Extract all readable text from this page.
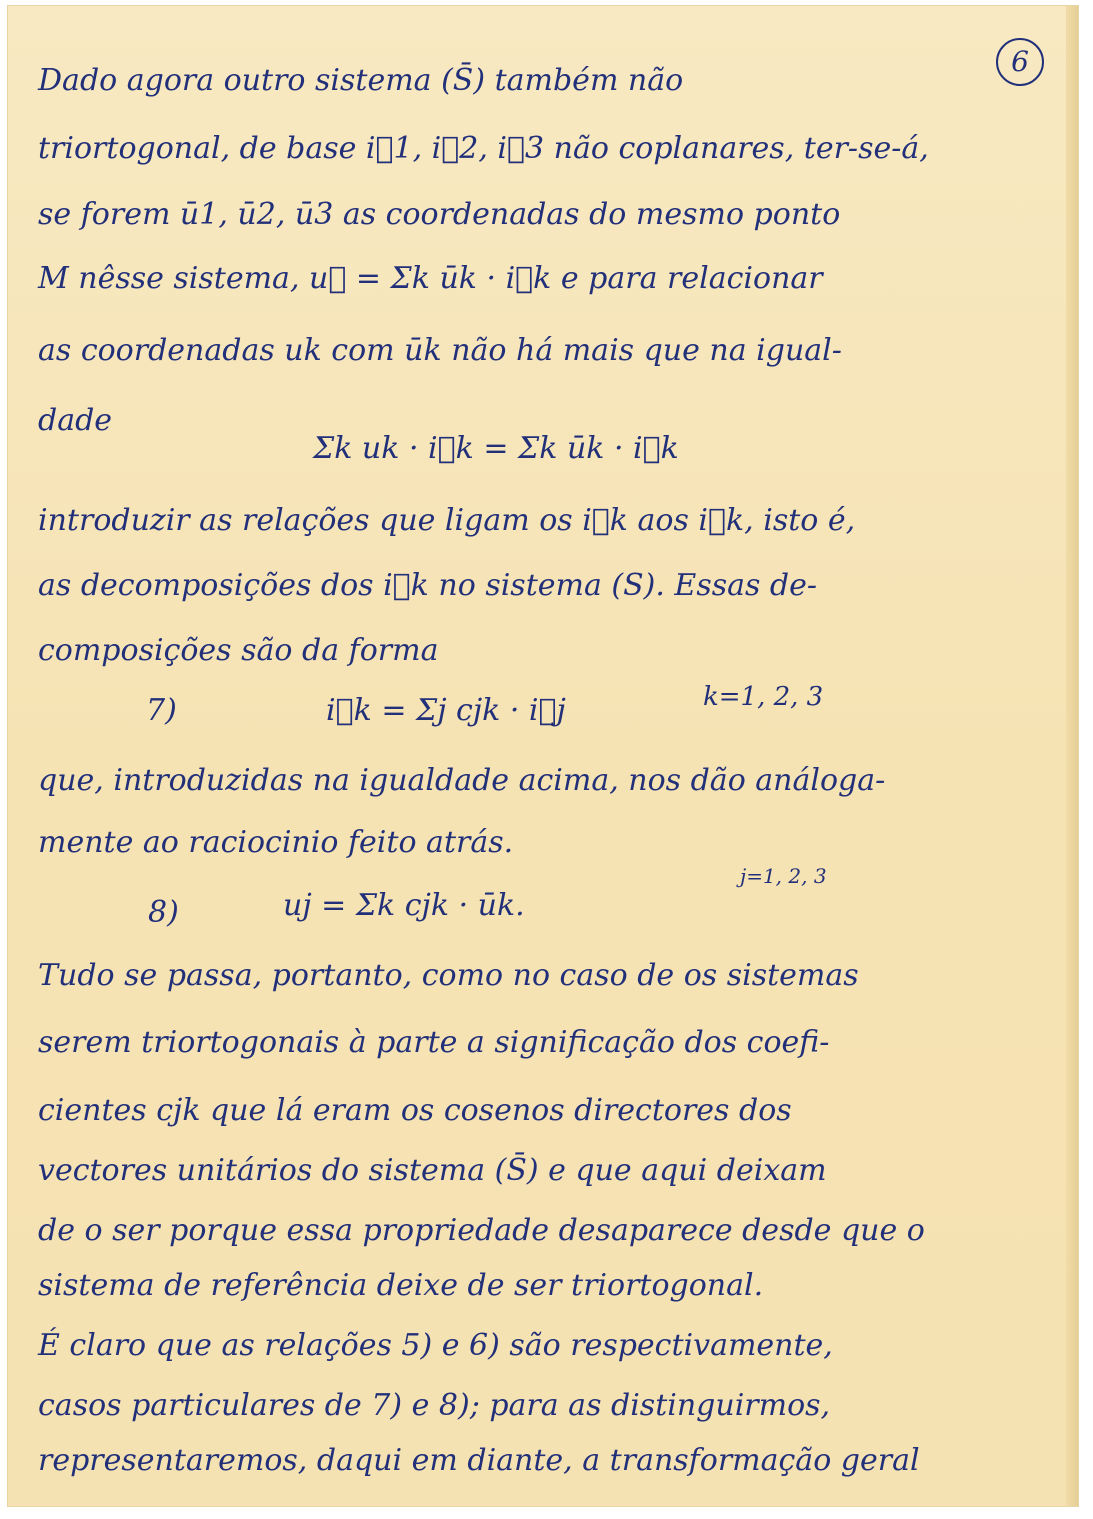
6
Dado agora outro sistema (S̄) também não
triortogonal, de base i⃗1, i⃗2, i⃗3 não coplanares, ter-se-á,
se forem ū1, ū2, ū3 as coordenadas do mesmo ponto
M nêsse sistema, u⃗ = Σk ūk · i⃗k e para relacionar
as coordenadas uk com ūk não há mais que na igual-
dade
Σk uk · i⃗k = Σk ūk · i⃗k
introduzir as relações que ligam os i⃗k aos i⃗k, isto é,
as decomposições dos i⃗k no sistema (S). Essas de-
composições são da forma
7)	i⃗k = Σj cjk · i⃗j	k=1, 2, 3
que, introduzidas na igualdade acima, nos dão análoga-
mente ao raciocinio feito atrás.
j=1, 2, 3
8)	uj = Σk cjk · ūk.
Tudo se passa, portanto, como no caso de os sistemas
serem triortogonais à parte a significação dos coefi-
cientes cjk que lá eram os cosenos directores dos
vectores unitários do sistema (S̄) e que aqui deixam
de o ser porque essa propriedade desaparece desde que o
sistema de referência deixe de ser triortogonal.
É claro que as relações 5) e 6) são respectivamente,
casos particulares de 7) e 8); para as distinguirmos,
representaremos, daqui em diante, a transformação geral
